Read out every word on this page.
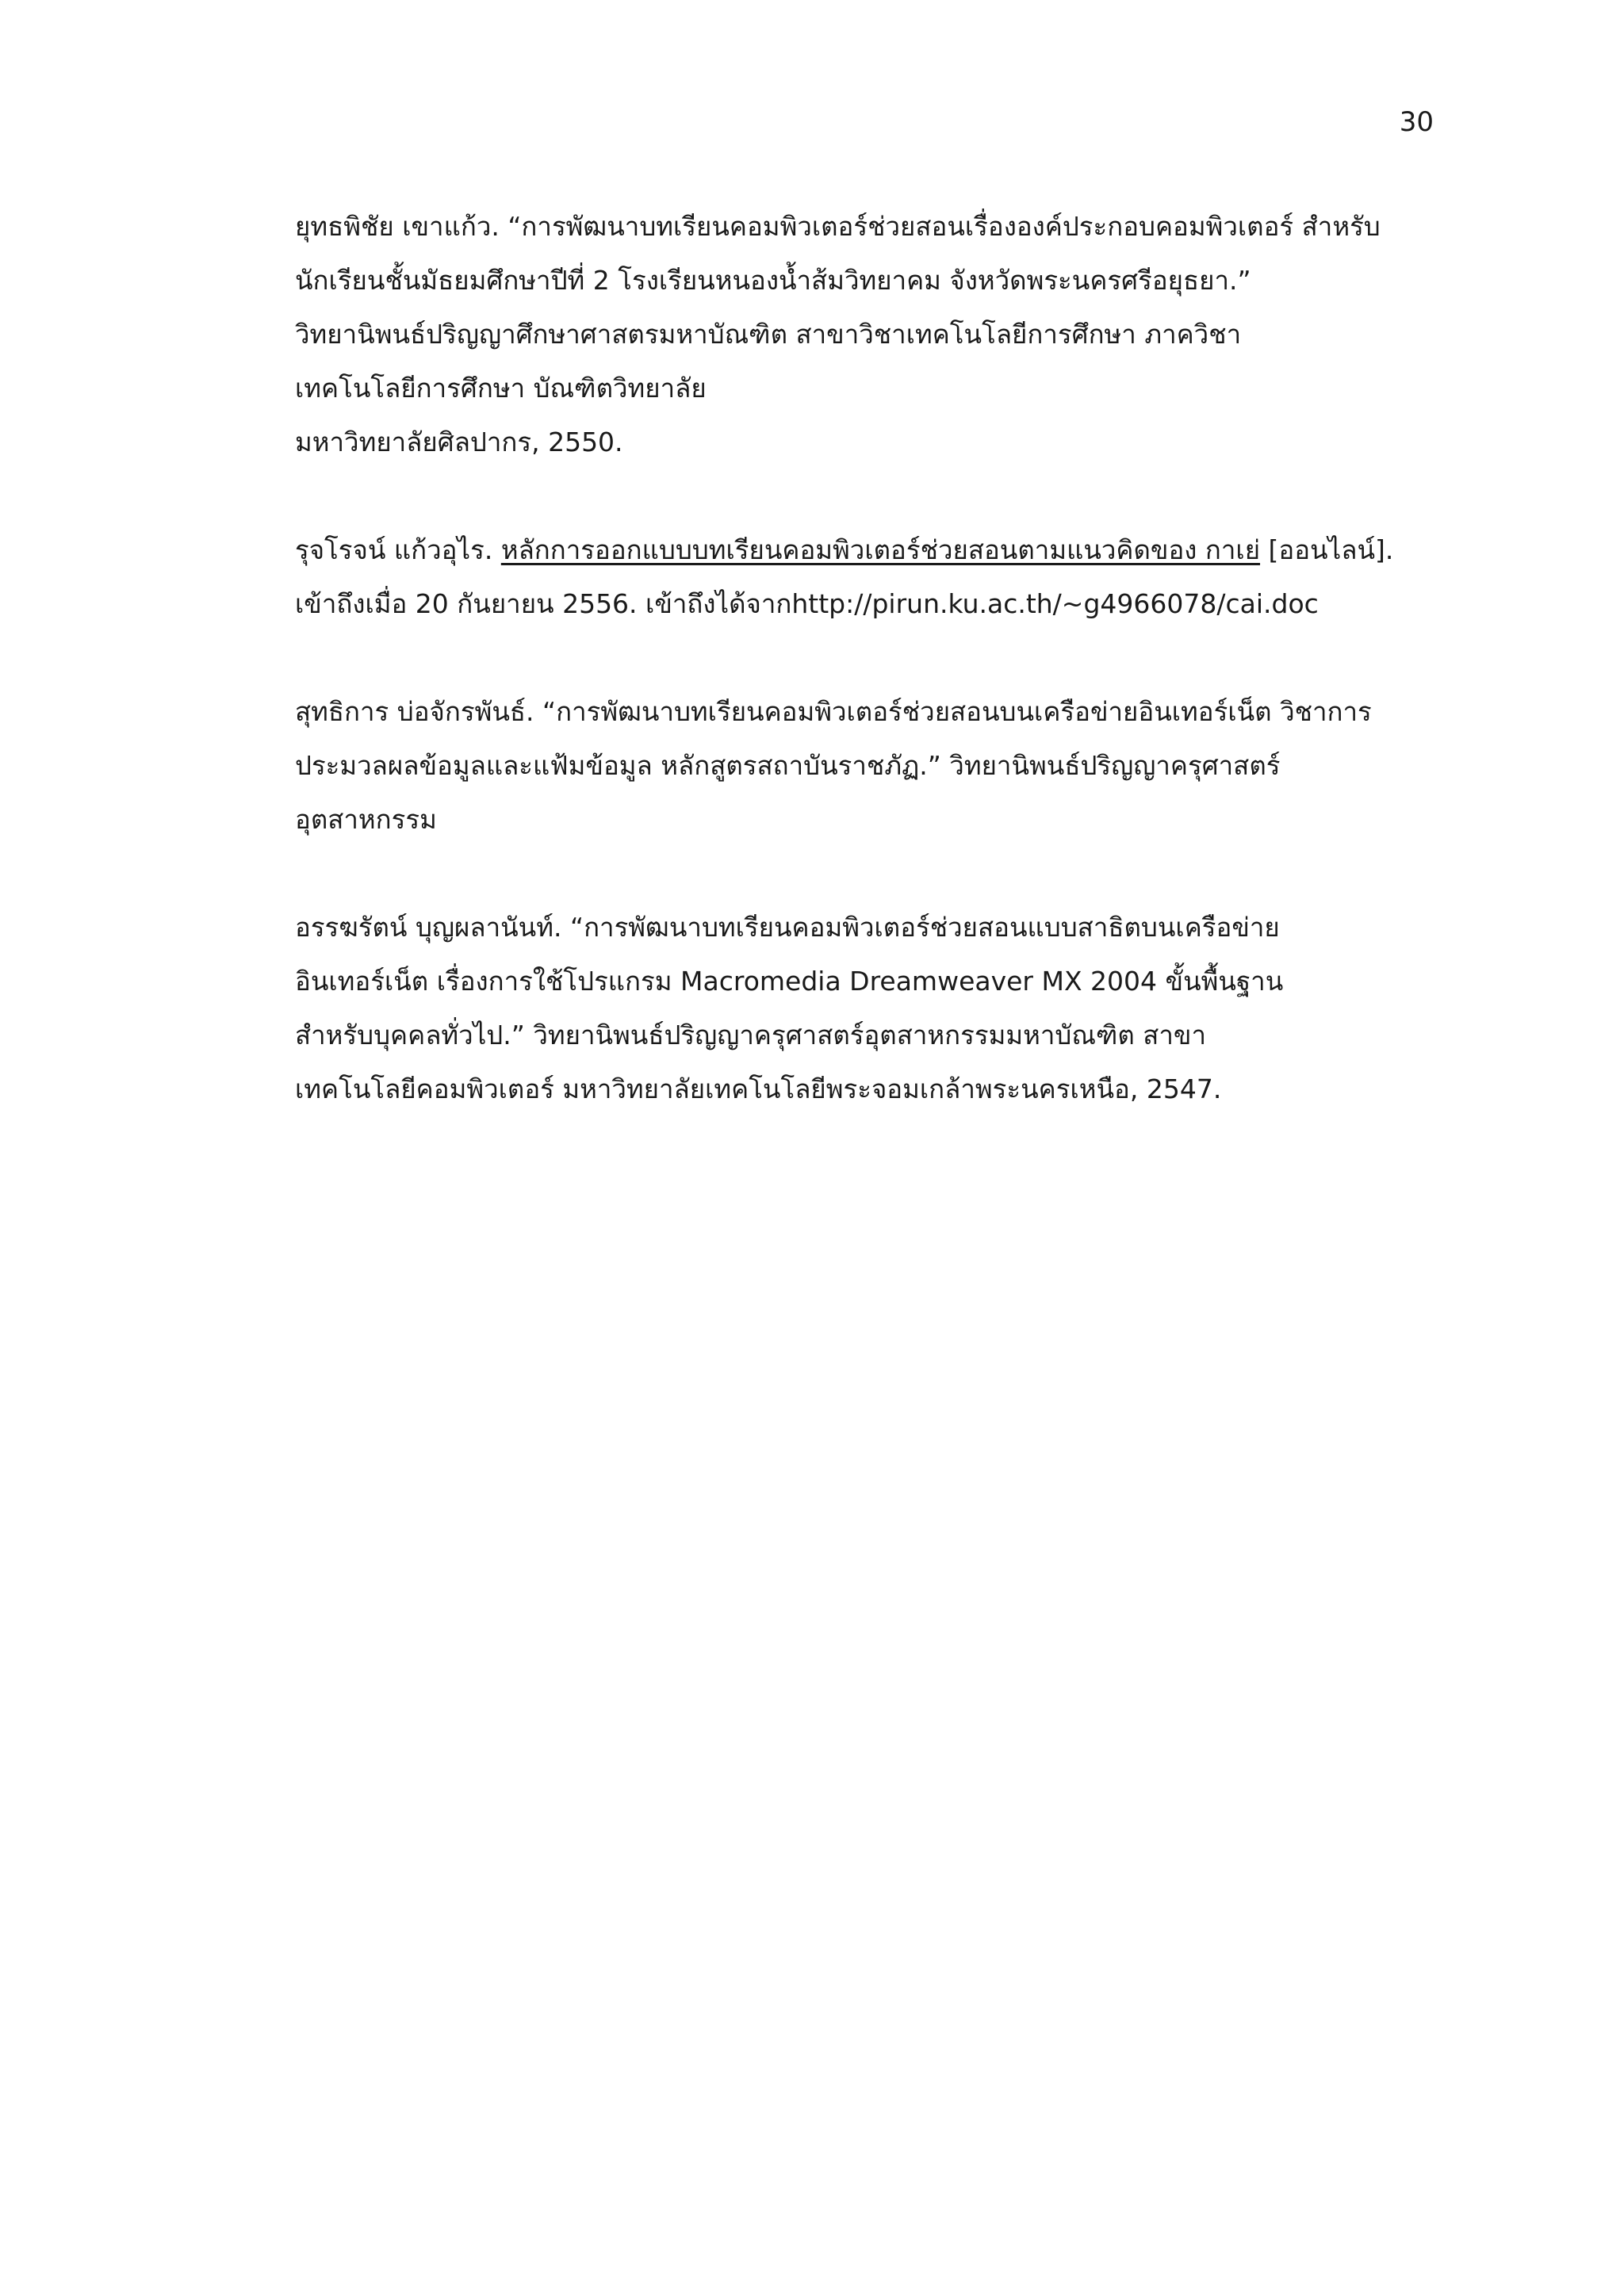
30

ยุทธพิชัย เขาแก้ว. “การพัฒนาบทเรียนคอมพิวเตอร์ช่วยสอนเรื่ององค์ประกอบคอมพิวเตอร์ สำหรับ
นักเรียนชั้นมัธยมศึกษาปีที่ 2 โรงเรียนหนองน้ำส้มวิทยาคม จังหวัดพระนครศรีอยุธยา.”
วิทยานิพนธ์ปริญญาศึกษาศาสตรมหาบัณฑิต สาขาวิชาเทคโนโลยีการศึกษา ภาควิชา
เทคโนโลยีการศึกษา บัณฑิตวิทยาลัย
มหาวิทยาลัยศิลปากร, 2550.

รุจโรจน์ แก้วอุไร. หลักการออกแบบบทเรียนคอมพิวเตอร์ช่วยสอนตามแนวคิดของ กาเย่ [ออนไลน์].
เข้าถึงเมื่อ 20 กันยายน 2556. เข้าถึงได้จากhttp://pirun.ku.ac.th/~g4966078/cai.doc

สุทธิการ บ่อจักรพันธ์. “การพัฒนาบทเรียนคอมพิวเตอร์ช่วยสอนบนเครือข่ายอินเทอร์เน็ต วิชาการ
ประมวลผลข้อมูลและแฟ้มข้อมูล หลักสูตรสถาบันราชภัฏ.” วิทยานิพนธ์ปริญญาครุศาสตร์
อุตสาหกรรม

อรรฆรัตน์ บุญผลานันท์. “การพัฒนาบทเรียนคอมพิวเตอร์ช่วยสอนแบบสาธิตบนเครือข่าย
อินเทอร์เน็ต เรื่องการใช้โปรแกรม Macromedia Dreamweaver MX 2004 ขั้นพื้นฐาน
สำหรับบุคคลทั่วไป.” วิทยานิพนธ์ปริญญาครุศาสตร์อุตสาหกรรมมหาบัณฑิต สาขา
เทคโนโลยีคอมพิวเตอร์ มหาวิทยาลัยเทคโนโลยีพระจอมเกล้าพระนครเหนือ, 2547.
